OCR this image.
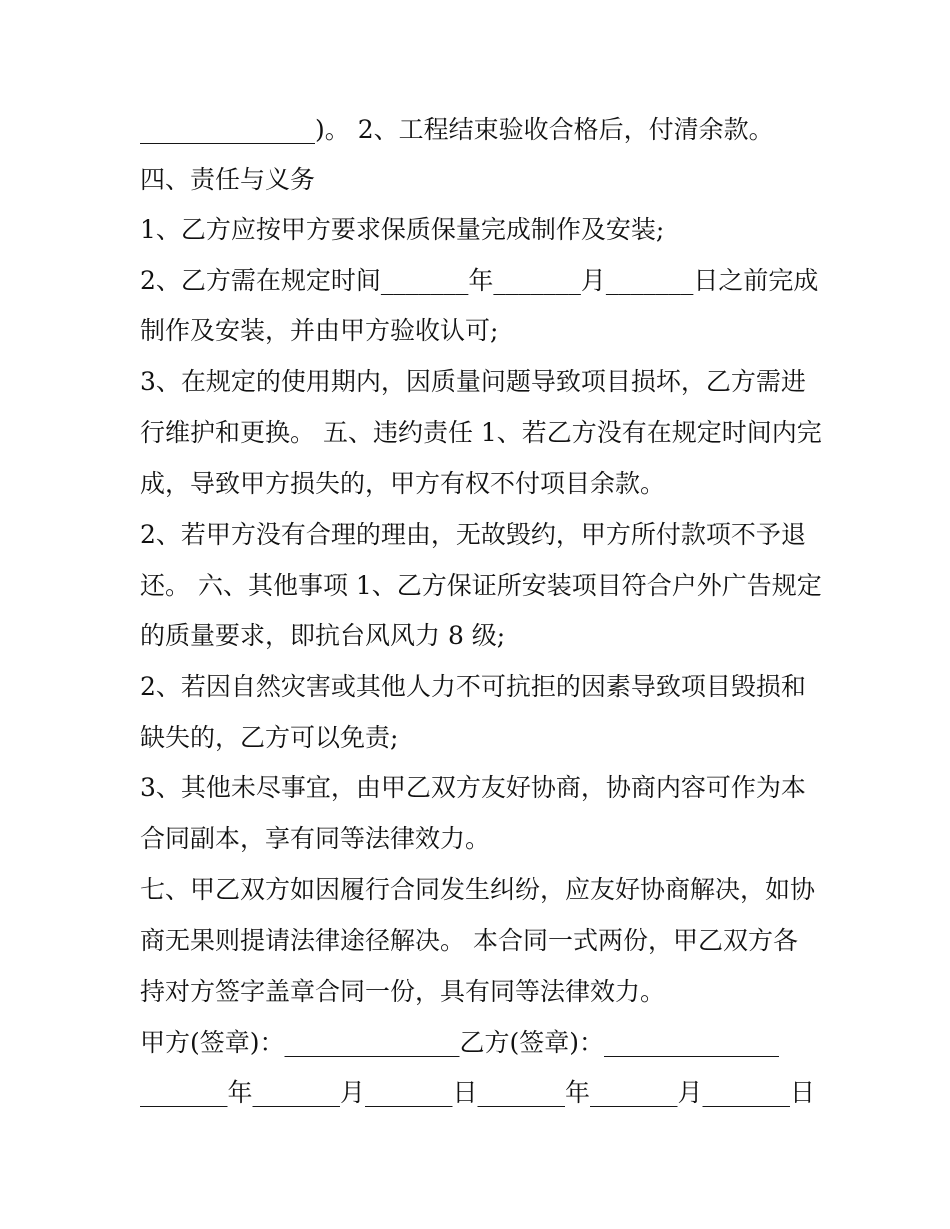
______________)。 2、工程结束验收合格后，付清余款。
四、责任与义务
1、乙方应按甲方要求保质保量完成制作及安装;
2、乙方需在规定时间_______年_______月_______日之前完成
制作及安装，并由甲方验收认可;
3、在规定的使用期内，因质量问题导致项目损坏，乙方需进
行维护和更换。 五、违约责任 1、若乙方没有在规定时间内完
成，导致甲方损失的，甲方有权不付项目余款。
2、若甲方没有合理的理由，无故毁约，甲方所付款项不予退
还。 六、其他事项 1、乙方保证所安装项目符合户外广告规定
的质量要求，即抗台风风力 8 级;
2、若因自然灾害或其他人力不可抗拒的因素导致项目毁损和
缺失的，乙方可以免责;
3、其他未尽事宜，由甲乙双方友好协商，协商内容可作为本
合同副本，享有同等法律效力。
七、甲乙双方如因履行合同发生纠纷，应友好协商解决，如协
商无果则提请法律途径解决。 本合同一式两份，甲乙双方各
持对方签字盖章合同一份，具有同等法律效力。
甲方(签章)：______________乙方(签章)：______________
_______年_______月_______日_______年_______月_______日
